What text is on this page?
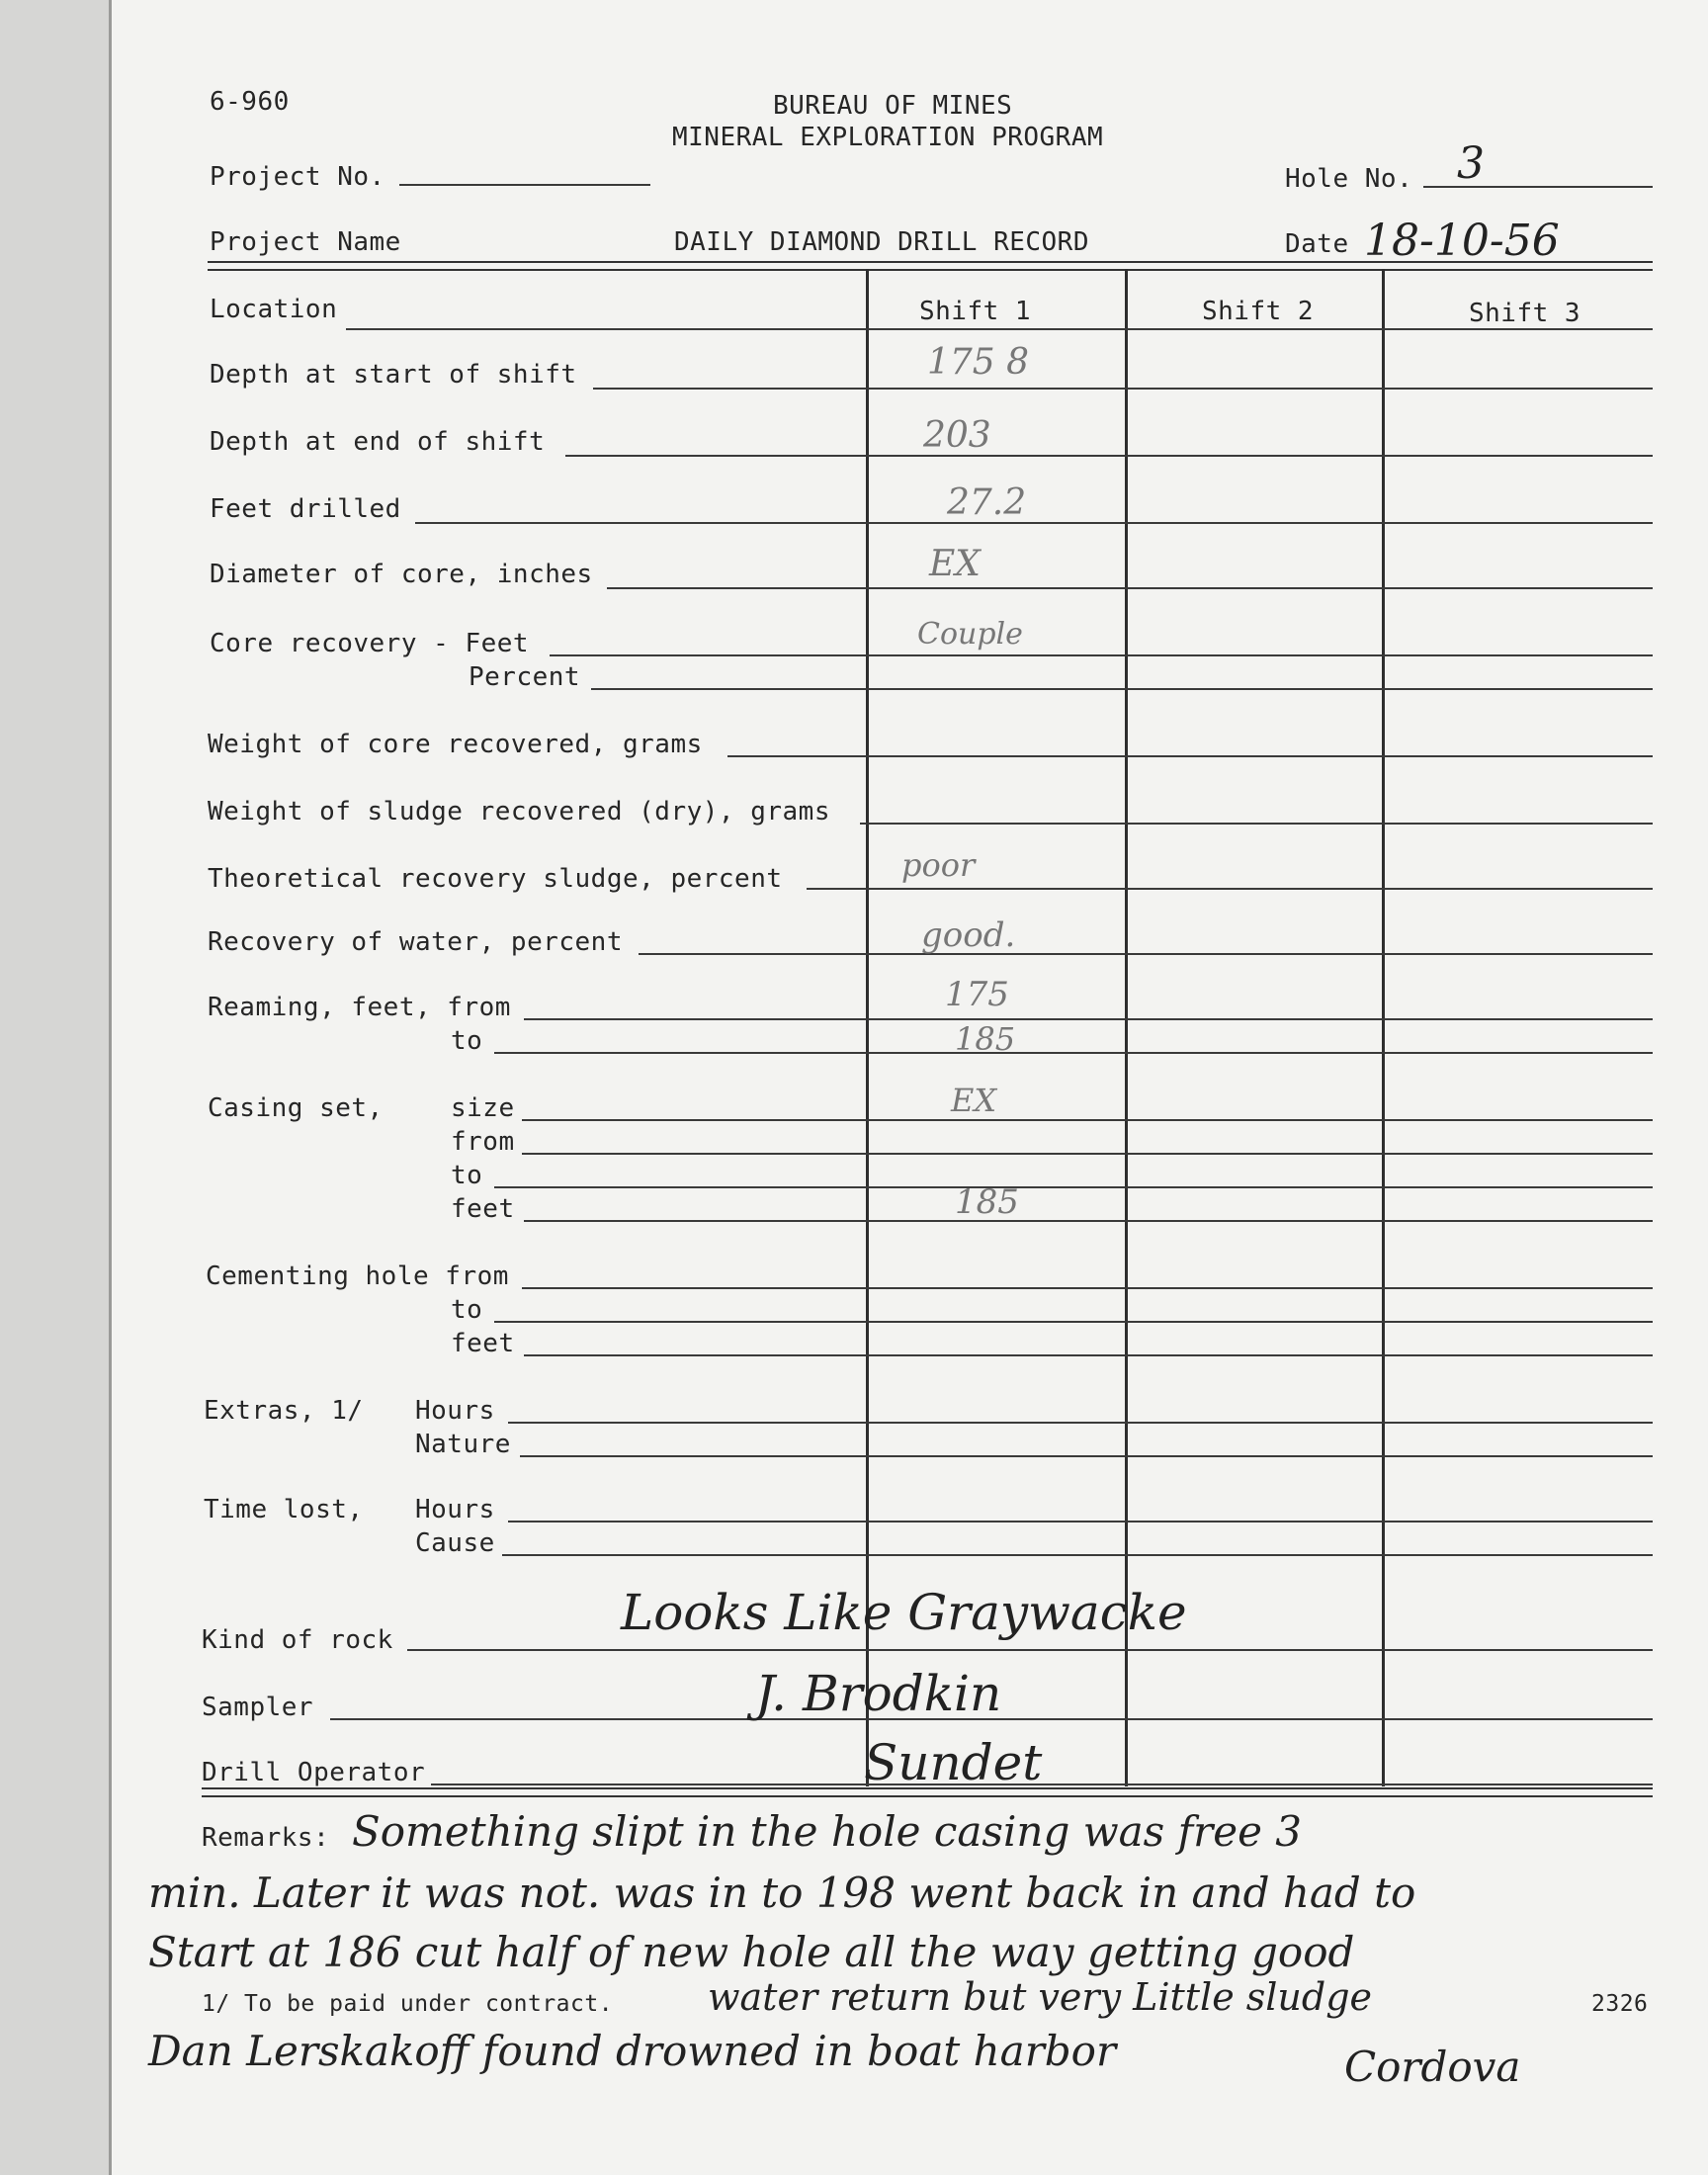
6-960	BUREAU OF MINES
MINERAL EXPLORATION PROGRAM
Project No.	Hole No. 3
Project Name	DAILY DIAMOND DRILL RECORD	Date 18-10-56
Shift 1	Shift 2	Shift 3
Location
Depth at start of shift	175 8
Depth at end of shift	203
Feet drilled	27.2
Diameter of core, inches	EX
Core recovery - Feet	Couple
Percent
Weight of core recovered, grams
Weight of sludge recovered (dry), grams
Theoretical recovery sludge, percent	poor
Recovery of water, percent	good.
Reaming, feet, from	175
to	185
Casing set,	size	EX
from
to
feet	185
Cementing hole from
to
feet
Extras, 1/ Hours
Nature
Time lost, Hours
Cause
Kind of rock	Looks Like Graywacke
Sampler	J. Brodkin
Drill Operator	Sundet
Remarks: Something slipt in the hole casing was free 3
min. Later it was not. was in to 198 went back in and had to
Start at 186 cut half of new hole all the way getting good
water return but very Little sludge
1/ To be paid under contract.	2326
Dan Lerskakoff found drowned in boat harbor	Cordova
